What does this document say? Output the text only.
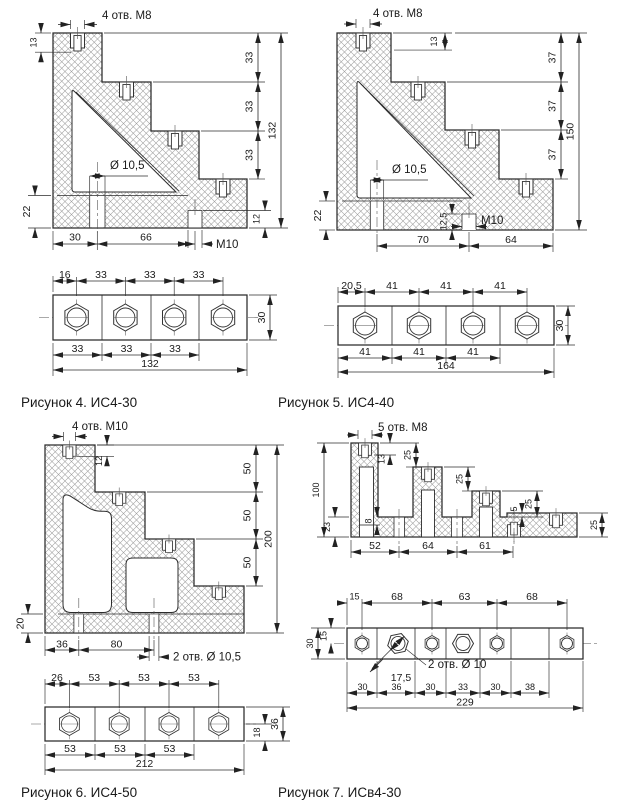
4 отв. М8
13
33
33
33
132
22
30	66
М10
12
Ø 10,5
16 33	33	33
30
33	33	33
132
Рисунок 4. ИС4-30
4 отв. М8
13
37
37
37
150
22	12,5	М10
70	64
Ø 10,5
20,5 41	41	41
30
41	41	41
164
Рисунок 5. ИС4-40
4 отв. М10
12
50
50
50
200
20
36	80
2 отв. Ø 10,5
26 53	53	53
18
36
53	53	53
212
Рисунок 6. ИС4-50
5 отв. М8
100
23
13
8
25
25
25
5
25
52	64	61
15	68	63	68
30
15
17,5
2 отв. Ø 10
30	36	30 33 30	38
229
Рисунок 7. ИСв4-30
